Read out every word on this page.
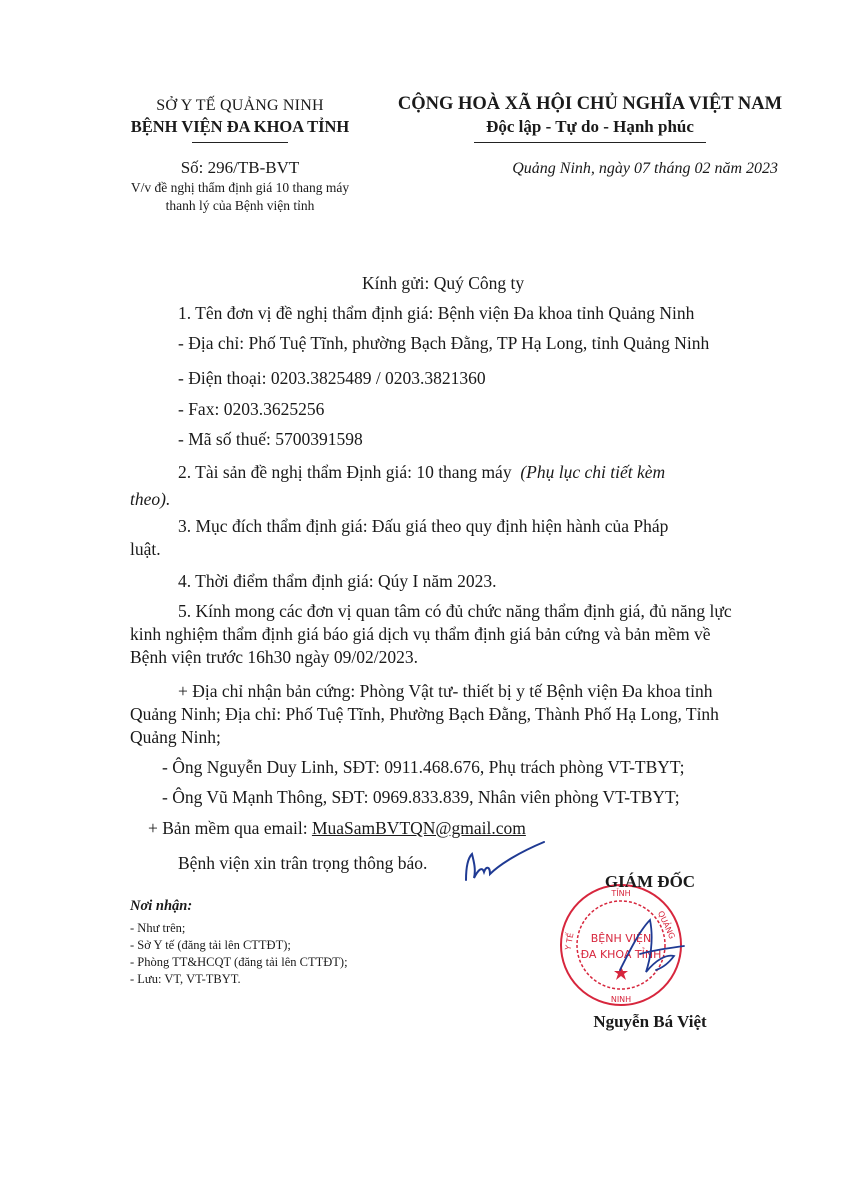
SỞ Y TẾ QUẢNG NINH
BỆNH VIỆN ĐA KHOA TỈNH
Số: 296/TB-BVT
V/v đề nghị thẩm định giá 10 thang máy
thanh lý của Bệnh viện tỉnh
CỘNG HOÀ XÃ HỘI CHỦ NGHĨA VIỆT NAM
Độc lập - Tự do - Hạnh phúc
Quảng Ninh, ngày 07 tháng 02 năm 2023
Kính gửi: Quý Công ty
1. Tên đơn vị đề nghị thẩm định giá: Bệnh viện Đa khoa tỉnh Quảng Ninh
- Địa chỉ: Phố Tuệ Tĩnh, phường Bạch Đằng, TP Hạ Long, tỉnh Quảng Ninh
- Điện thoại: 0203.3825489 / 0203.3821360
- Fax: 0203.3625256
- Mã số thuế: 5700391598
2. Tài sản đề nghị thẩm Định giá: 10 thang máy (Phụ lục chi tiết kèm
theo).
3. Mục đích thẩm định giá: Đấu giá theo quy định hiện hành của Pháp
luật.
4. Thời điểm thẩm định giá: Qúy I năm 2023.
5. Kính mong các đơn vị quan tâm có đủ chức năng thẩm định giá, đủ năng lực
kinh nghiệm thẩm định giá báo giá dịch vụ thẩm định giá bản cứng và bản mềm về
Bệnh viện trước 16h30 ngày 09/02/2023.
+ Địa chỉ nhận bản cứng: Phòng Vật tư- thiết bị y tế Bệnh viện Đa khoa tỉnh
Quảng Ninh; Địa chỉ: Phố Tuệ Tĩnh, Phường Bạch Đằng, Thành Phố Hạ Long, Tỉnh
Quảng Ninh;
- Ông Nguyễn Duy Linh, SĐT: 0911.468.676, Phụ trách phòng VT-TBYT;
- Ông Vũ Mạnh Thông, SĐT: 0969.833.839, Nhân viên phòng VT-TBYT;
+ Bản mềm qua email: MuaSamBVTQN@gmail.com
Bệnh viện xin trân trọng thông báo.
Nơi nhận:
- Như trên;
- Sở Y tế (đăng tải lên CTTĐT);
- Phòng TT&HCQT (đăng tải lên CTTĐT);
- Lưu: VT, VT-TBYT.
TỈNH
QUẢNG
NINH
Y TẾ BỆNH VIỆN
ĐA KHOA TỈNH
GIÁM ĐỐC
Nguyễn Bá Việt
